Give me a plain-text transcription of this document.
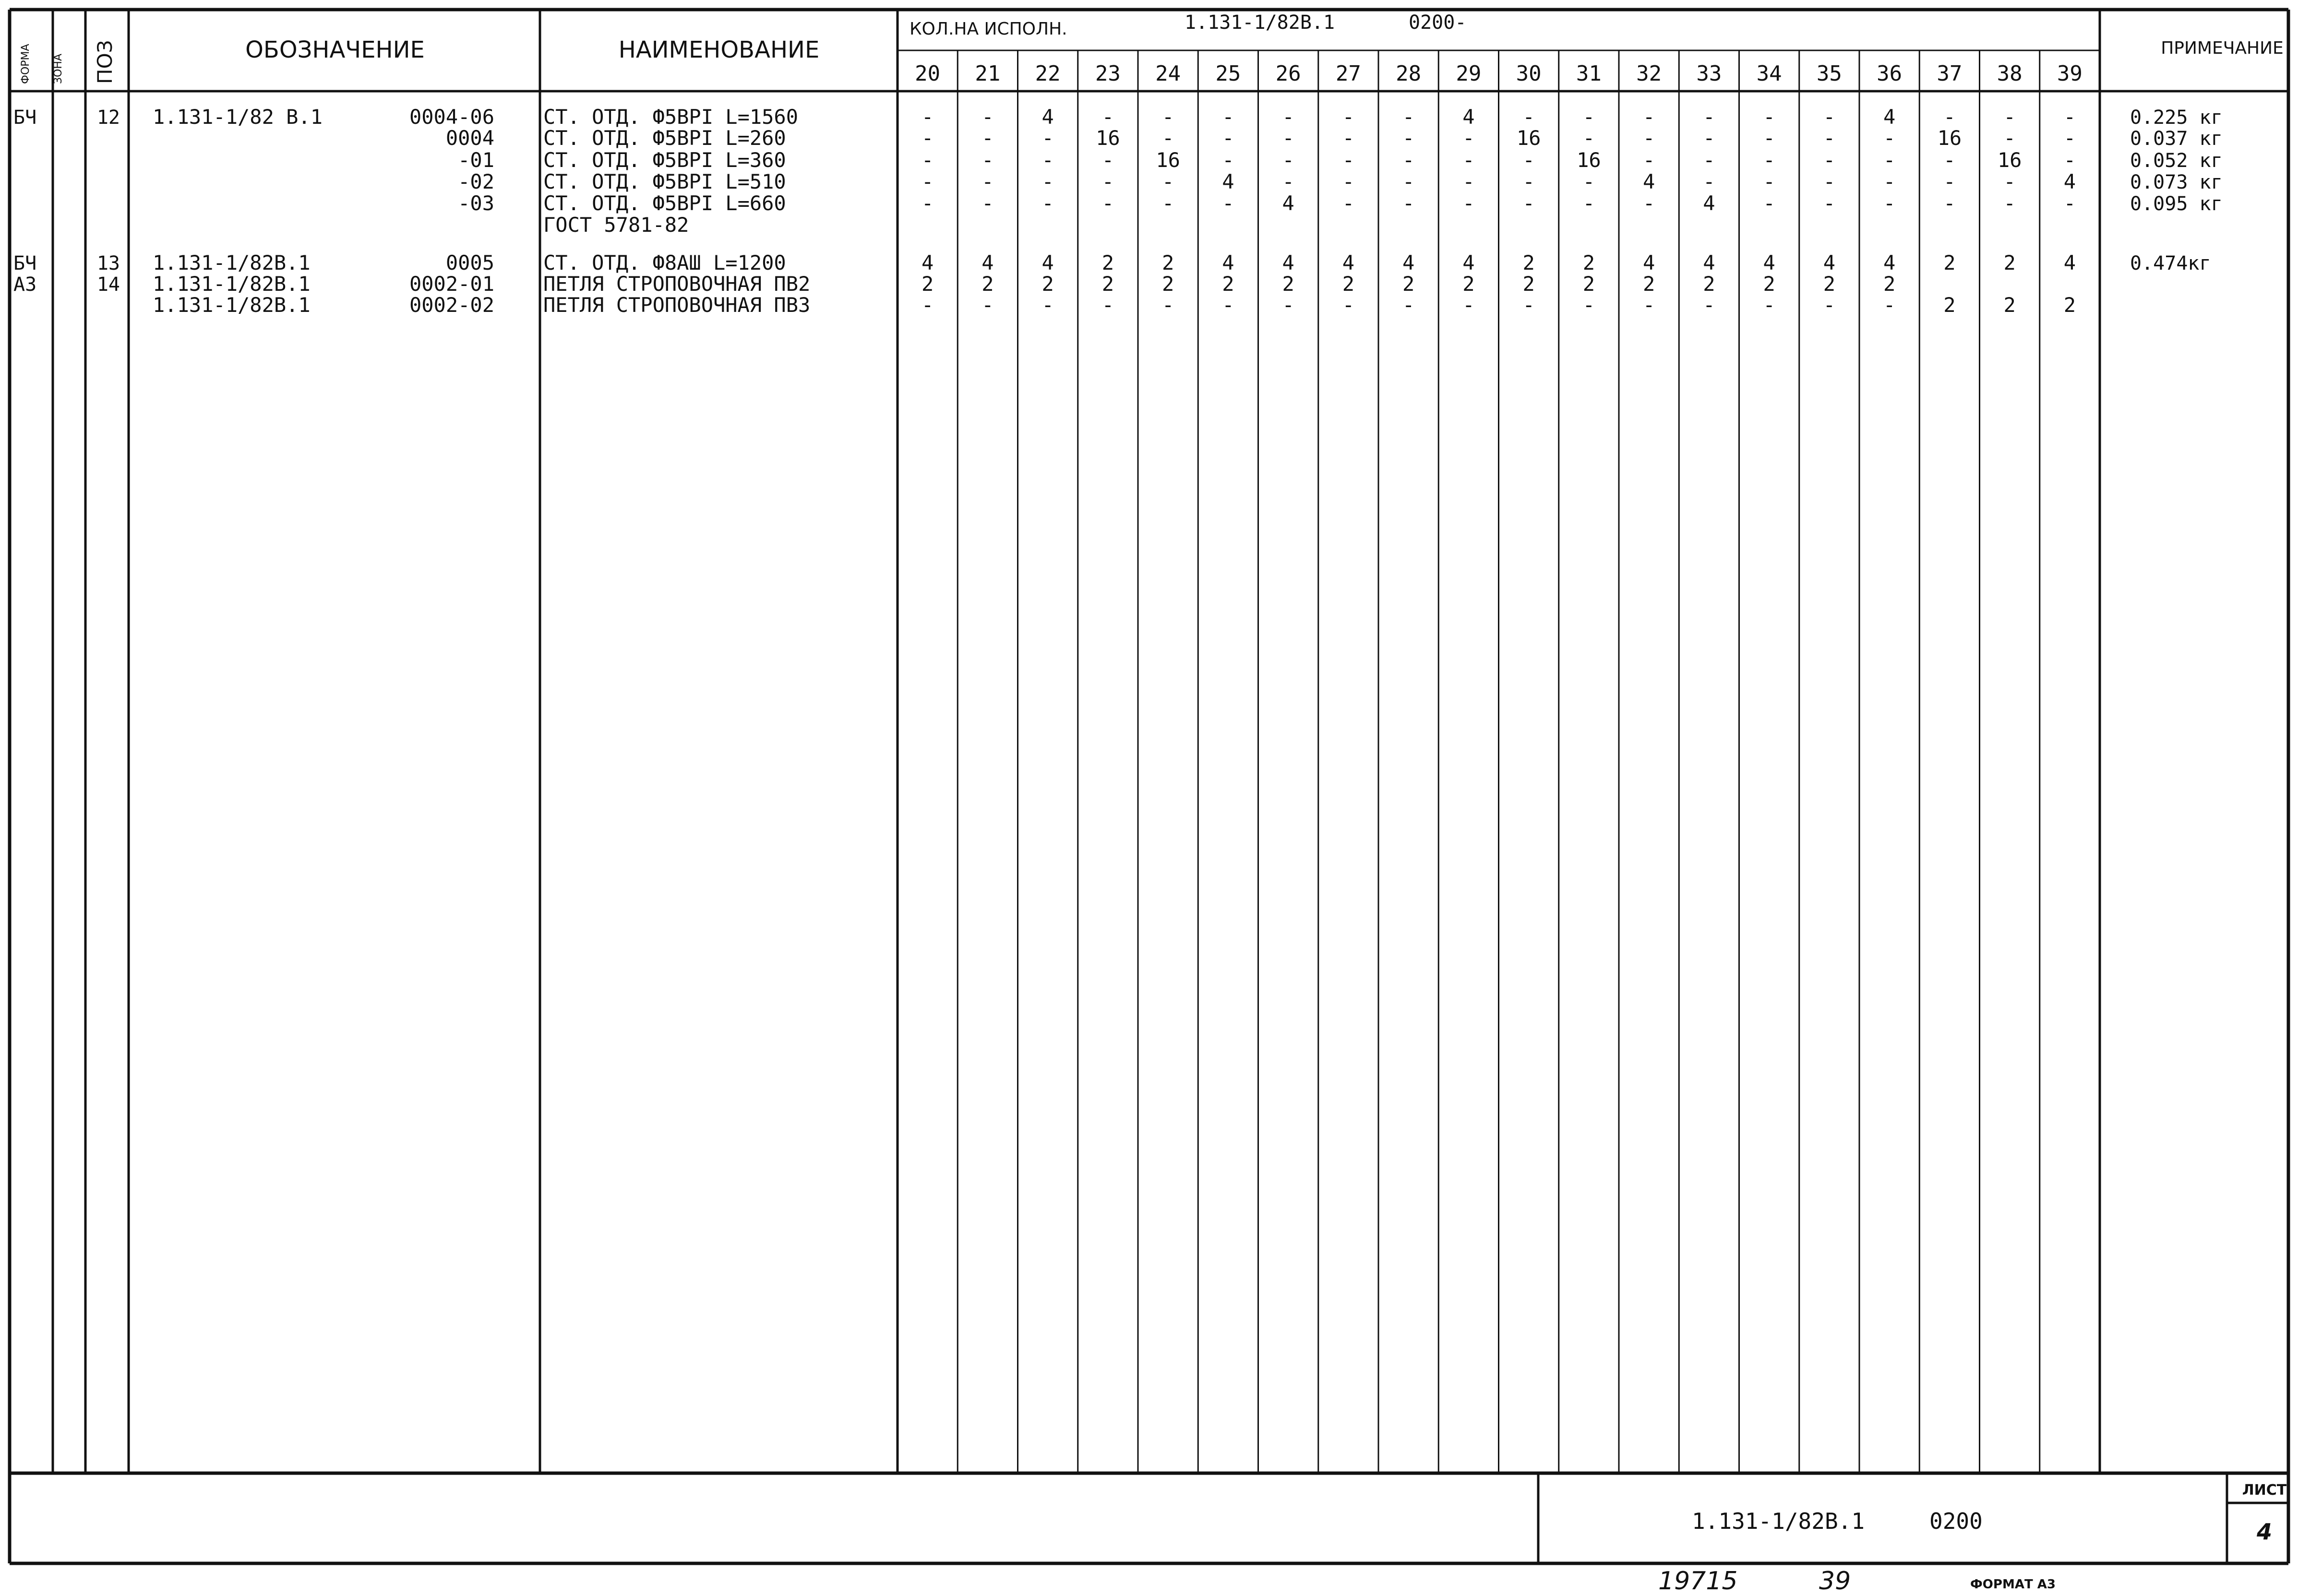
ФОРМА ЗОНА ПОЗ	ОБОЗНАЧЕНИЕ	НАИМЕНОВАНИЕ
КОЛ.НА ИСПОЛН.	1.131-1/82В.1	0200-
ПРИМЕЧАНИЕ
20 21 22 23 24 25 26 27 28 29 30 31 32 33 34 35 36 37 38 39
БЧ	12 1.131-1/82 В.1	0004-06 СТ. ОТД. Ф5ВРI L=1560	- - 4 - - - - - - 4 - - - - - - 4 - - -	0.225 кг
0004 СТ. ОТД. Ф5ВРI L=260	- - - 16 - - - - - - 16 - - - - - - 16 - -	0.037 кг
-01 СТ. ОТД. Ф5ВРI L=360	- - - - 16 - - - - - - 16 - - - - - - 16 -	0.052 кг
-02 СТ. ОТД. Ф5ВРI L=510	- - - - - 4 - - - - - - 4 - - - - - - 4	0.073 кг
-03 СТ. ОТД. Ф5ВРI L=660	- - - - - - 4 - - - - - - 4 - - - - - -	0.095 кг
ГОСТ 5781-82
БЧ	13 1.131-1/82В.1	0005 СТ. ОТД. Ф8АШ L=1200	4 4 4 2 2 4 4 4 4 4 2 2 4 4 4 4 4 2 2 4	0.474кг
А3	14 1.131-1/82В.1	0002-01 ПЕТЛЯ СТРОПОВОЧНАЯ ПВ2	2 2 2 2 2 2 2 2 2 2 2 2 2 2 2 2 2
1.131-1/82В.1	0002-02 ПЕТЛЯ СТРОПОВОЧНАЯ ПВ3	- - - - - - - - - - - - - - - - - 2 2 2
1.131-1/82В.1	0200
ЛИСТ
4
19715	39	ФОРМАТ А3
